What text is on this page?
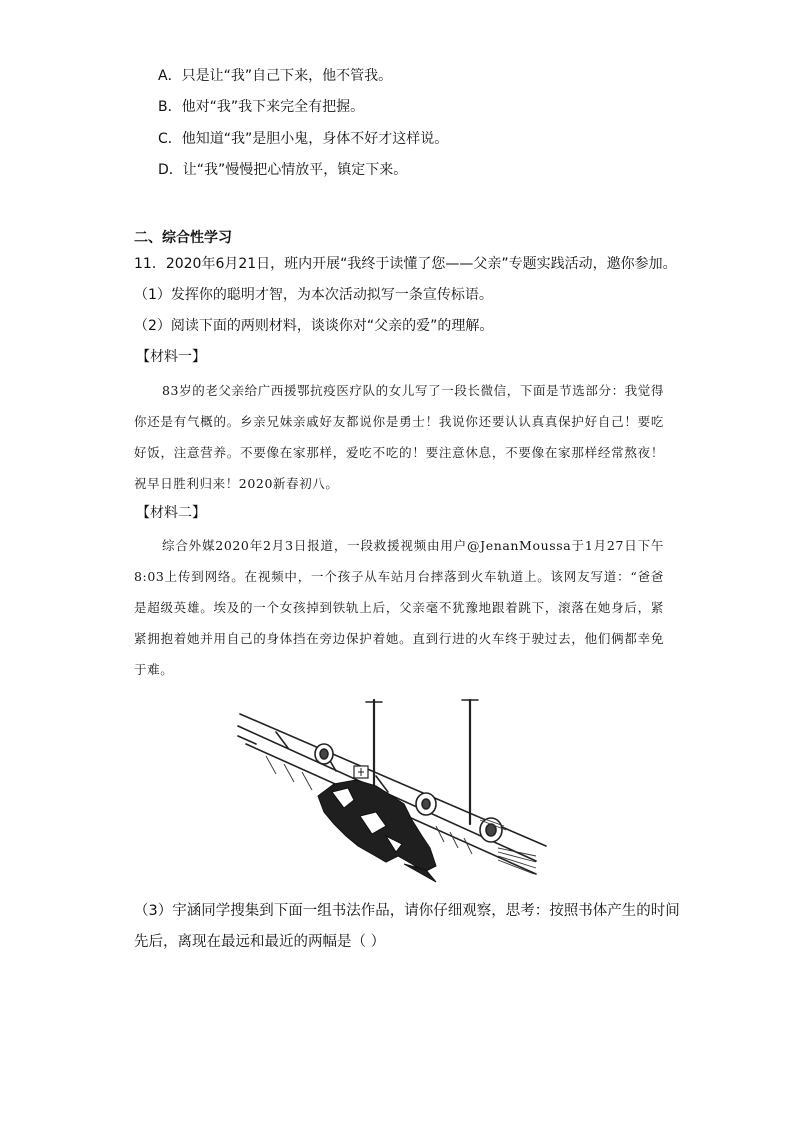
A．只是让“我”自己下来，他不管我。
B．他对“我”我下来完全有把握。
C．他知道“我”是胆小鬼，身体不好才这样说。
D．让“我”慢慢把心情放平，镇定下来。
二、综合性学习
11．2020年6月21日，班内开展“我终于读懂了您——父亲”专题实践活动，邀你参加。
（1）发挥你的聪明才智，为本次活动拟写一条宣传标语。
（2）阅读下面的两则材料，谈谈你对“父亲的爱”的理解。
【材料一】
83岁的老父亲给广西援鄂抗疫医疗队的女儿写了一段长微信，下面是节选部分：我觉得你还是有气概的。乡亲兄妹亲戚好友都说你是勇士！我说你还要认认真真保护好自己！要吃好饭，注意营养。不要像在家那样，爱吃不吃的！要注意休息，不要像在家那样经常熬夜！祝早日胜利归来！2020新春初八。
【材料二】
综合外媒2020年2月3日报道，一段救援视频由用户@JenanMoussa于1月27日下午8:03上传到网络。在视频中，一个孩子从车站月台摔落到火车轨道上。该网友写道：“爸爸是超级英雄。埃及的一个女孩掉到铁轨上后，父亲毫不犹豫地跟着跳下，滚落在她身后，紧紧拥抱着她并用自己的身体挡在旁边保护着她。直到行进的火车终于驶过去，他们俩都幸免于难。
（3）宇涵同学搜集到下面一组书法作品，请你仔细观察，思考：按照书体产生的时间
先后，离现在最远和最近的两幅是（ ）
